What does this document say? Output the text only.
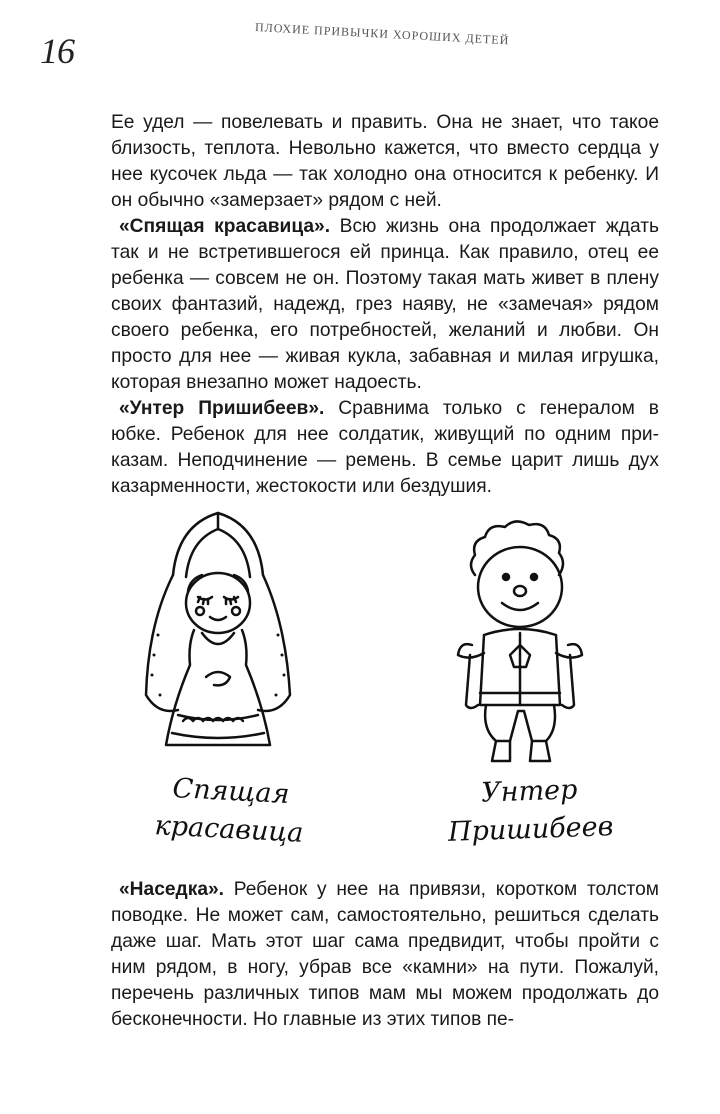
16	ПЛОХИЕ ПРИВЫЧКИ ХОРОШИХ ДЕТЕЙ

Ее удел — повелевать и править. Она не знает, что такое близость, теплота. Невольно кажется, что вместо сердца у нее кусочек льда — так холодно она относится к ребенку. И он обычно «замерзает» рядом с ней.

«Спящая красавица». Всю жизнь она продолжает ждать так и не встретившегося ей принца. Как правило, отец ее ребенка — совсем не он. Поэтому такая мать живет в плену своих фантазий, надежд, грез наяву, не «замечая» рядом своего ребенка, его потребностей, желаний и любви. Он просто для нее — живая кукла, забавная и милая игрушка, которая внезапно может надоесть.

«Унтер Пришибеев». Сравнима только с генералом в юбке. Ребенок для нее солдатик, живущий по одним приказам. Неподчинение — ремень. В семье царит лишь дух казарменности, жестокости или бездушия.

Спящая
красавица
Унтер
Пришибеев

«Наседка». Ребенок у нее на привязи, коротком толстом поводке. Не может сам, самостоятельно, решиться сделать даже шаг. Мать этот шаг сама предвидит, чтобы пройти с ним рядом, в ногу, убрав все «камни» на пути. Пожалуй, перечень различных типов мам мы можем продолжать до бесконечности. Но главные из этих типов пе-
